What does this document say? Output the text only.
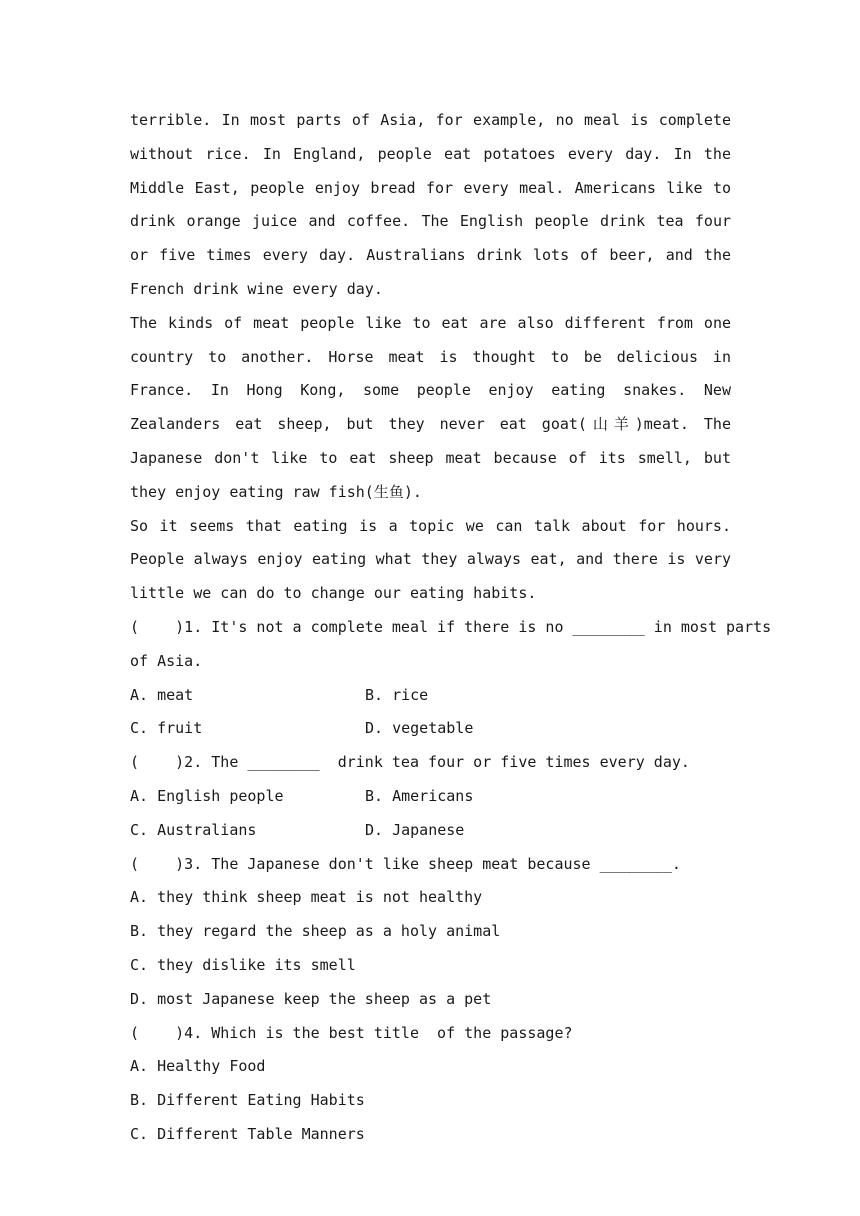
terrible. In most parts of Asia, for example, no meal is complete without rice. In England, people eat potatoes every day. In the Middle East, people enjoy bread for every meal. Americans like to drink orange juice and coffee. The English people drink tea four or five times every day. Australians drink lots of beer, and the French drink wine every day.

The kinds of meat people like to eat are also different from one country to another. Horse meat is thought to be delicious in France. In Hong Kong, some people enjoy eating snakes. New Zealanders eat sheep, but they never eat goat(山羊)meat. The Japanese don't like to eat sheep meat because of its smell, but they enjoy eating raw fish(生鱼).

So it seems that eating is a topic we can talk about for hours. People always enjoy eating what they always eat, and there is very little we can do to change our eating habits.

(    )1. It's not a complete meal if there is no ________ in most parts
of Asia.
A. meat	B. rice
C. fruit	D. vegetable
(    )2. The ________  drink tea four or five times every day.
A. English people	B. Americans
C. Australians	D. Japanese
(    )3. The Japanese don't like sheep meat because ________.
A. they think sheep meat is not healthy
B. they regard the sheep as a holy animal
C. they dislike its smell
D. most Japanese keep the sheep as a pet
(    )4. Which is the best title  of the passage?
A. Healthy Food
B. Different Eating Habits
C. Different Table Manners
